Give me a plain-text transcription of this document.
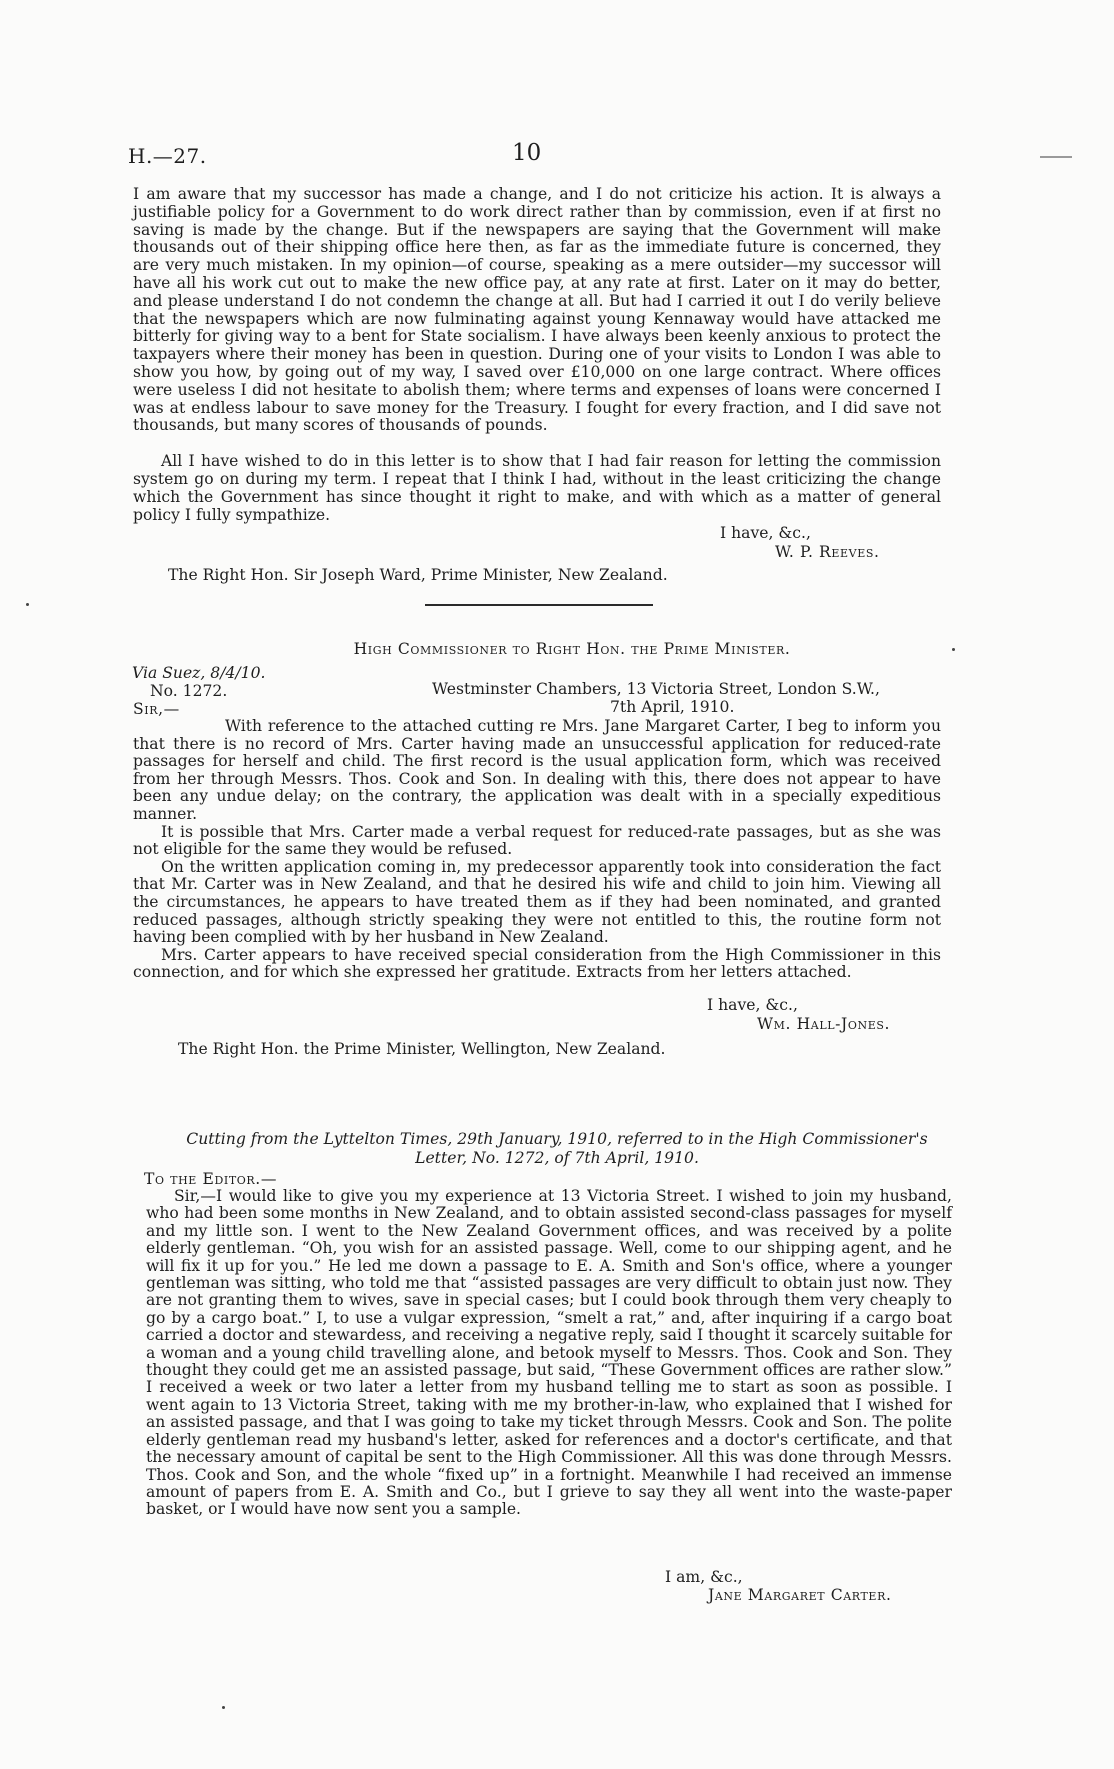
H.—27.	10

I am aware that my successor has made a change, and I do not criticize his action. It is always a justifiable policy for a Government to do work direct rather than by commission, even if at first no saving is made by the change. But if the newspapers are saying that the Government will make thousands out of their shipping office here then, as far as the immediate future is concerned, they are very much mistaken. In my opinion—of course, speaking as a mere outsider—my successor will have all his work cut out to make the new office pay, at any rate at first. Later on it may do better, and please understand I do not condemn the change at all. But had I carried it out I do verily believe that the newspapers which are now fulminating against young Kennaway would have attacked me bitterly for giving way to a bent for State socialism. I have always been keenly anxious to protect the taxpayers where their money has been in question. During one of your visits to London I was able to show you how, by going out of my way, I saved over £10,000 on one large contract. Where offices were useless I did not hesitate to abolish them; where terms and expenses of loans were concerned I was at endless labour to save money for the Treasury. I fought for every fraction, and I did save not thousands, but many scores of thousands of pounds.

All I have wished to do in this letter is to show that I had fair reason for letting the commission system go on during my term. I repeat that I think I had, without in the least criticizing the change which the Government has since thought it right to make, and with which as a matter of general policy I fully sympathize.

I have, &c.,
W. P. Reeves.
The Right Hon. Sir Joseph Ward, Prime Minister, New Zealand.
High Commissioner to Right Hon. the Prime Minister.
Via Suez, 8/4/10.
No. 1272.	Westminster Chambers, 13 Victoria Street, London S.W.,
7th April, 1910.
Sir,—

With reference to the attached cutting re Mrs. Jane Margaret Carter, I beg to inform you that there is no record of Mrs. Carter having made an unsuccessful application for reduced-rate passages for herself and child. The first record is the usual application form, which was received from her through Messrs. Thos. Cook and Son. In dealing with this, there does not appear to have been any undue delay; on the contrary, the application was dealt with in a specially expeditious manner.

It is possible that Mrs. Carter made a verbal request for reduced-rate passages, but as she was not eligible for the same they would be refused.

On the written application coming in, my predecessor apparently took into consideration the fact that Mr. Carter was in New Zealand, and that he desired his wife and child to join him. Viewing all the circumstances, he appears to have treated them as if they had been nominated, and granted reduced passages, although strictly speaking they were not entitled to this, the routine form not having been complied with by her husband in New Zealand.

Mrs. Carter appears to have received special consideration from the High Commissioner in this connection, and for which she expressed her gratitude. Extracts from her letters attached.

I have, &c.,
Wm. Hall-Jones.
The Right Hon. the Prime Minister, Wellington, New Zealand.
Cutting from the Lyttelton Times, 29th January, 1910, referred to in the High Commissioner's
Letter, No. 1272, of 7th April, 1910.
To the Editor.—

Sir,—I would like to give you my experience at 13 Victoria Street. I wished to join my husband, who had been some months in New Zealand, and to obtain assisted second-class passages for myself and my little son. I went to the New Zealand Government offices, and was received by a polite elderly gentleman. “Oh, you wish for an assisted passage. Well, come to our shipping agent, and he will fix it up for you.” He led me down a passage to E. A. Smith and Son's office, where a younger gentleman was sitting, who told me that “assisted passages are very difficult to obtain just now. They are not granting them to wives, save in special cases; but I could book through them very cheaply to go by a cargo boat.” I, to use a vulgar expression, “smelt a rat,” and, after inquiring if a cargo boat carried a doctor and stewardess, and receiving a negative reply, said I thought it scarcely suitable for a woman and a young child travelling alone, and betook myself to Messrs. Thos. Cook and Son. They thought they could get me an assisted passage, but said, “These Government offices are rather slow.” I received a week or two later a letter from my husband telling me to start as soon as possible. I went again to 13 Victoria Street, taking with me my brother-in-law, who explained that I wished for an assisted passage, and that I was going to take my ticket through Messrs. Cook and Son. The polite elderly gentleman read my husband's letter, asked for references and a doctor's certificate, and that the necessary amount of capital be sent to the High Commissioner. All this was done through Messrs. Thos. Cook and Son, and the whole “fixed up” in a fortnight. Meanwhile I had received an immense amount of papers from E. A. Smith and Co., but I grieve to say they all went into the waste-paper basket, or I would have now sent you a sample.

I am, &c.,
Jane Margaret Carter.
